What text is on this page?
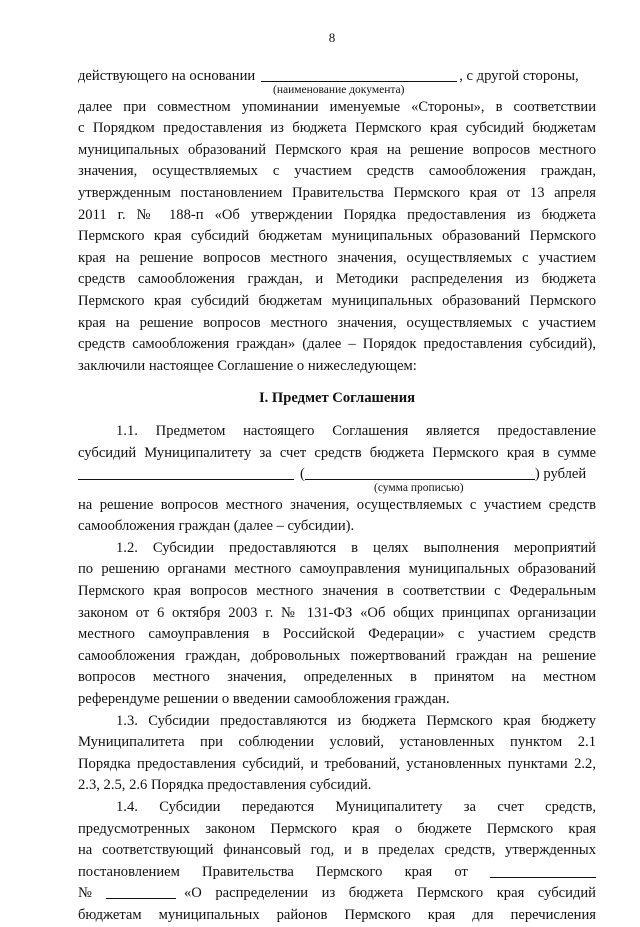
8
действующего на основании	, с другой стороны,
(наименование документа)
далее при совместном упоминании именуемые «Стороны», в соответствии
с Порядком предоставления из бюджета Пермского края субсидий бюджетам
муниципальных образований Пермского края на решение вопросов местного
значения, осуществляемых с участием средств самообложения граждан,
утвержденным постановлением Правительства Пермского края от 13 апреля
2011 г. № 188-п «Об утверждении Порядка предоставления из бюджета
Пермского края субсидий бюджетам муниципальных образований Пермского
края на решение вопросов местного значения, осуществляемых с участием
средств самообложения граждан, и Методики распределения из бюджета
Пермского края субсидий бюджетам муниципальных образований Пермского
края на решение вопросов местного значения, осуществляемых с участием
средств самообложения граждан» (далее – Порядок предоставления субсидий),
заключили настоящее Соглашение о нижеследующем:
I. Предмет Соглашения
1.1. Предметом настоящего Соглашения является предоставление
субсидий Муниципалитету за счет средств бюджета Пермского края в сумме
(	) рублей
(сумма прописью)
на решение вопросов местного значения, осуществляемых с участием средств
самообложения граждан (далее – субсидии).
1.2. Субсидии предоставляются в целях выполнения мероприятий
по решению органами местного самоуправления муниципальных образований
Пермского края вопросов местного значения в соответствии с Федеральным
законом от 6 октября 2003 г. № 131-ФЗ «Об общих принципах организации
местного самоуправления в Российской Федерации» с участием средств
самообложения граждан, добровольных пожертвований граждан на решение
вопросов местного значения, определенных в принятом на местном
референдуме решении о введении самообложения граждан.
1.3. Субсидии предоставляются из бюджета Пермского края бюджету
Муниципалитета при соблюдении условий, установленных пунктом 2.1
Порядка предоставления субсидий, и требований, установленных пунктами 2.2,
2.3, 2.5, 2.6 Порядка предоставления субсидий.
1.4. Субсидии передаются Муниципалитету за счет средств,
предусмотренных законом Пермского края о бюджете Пермского края
на соответствующий финансовый год, и в пределах средств, утвержденных
постановлением Правительства Пермского края от
№	«О распределении из бюджета Пермского края субсидий
бюджетам муниципальных районов Пермского края для перечисления
